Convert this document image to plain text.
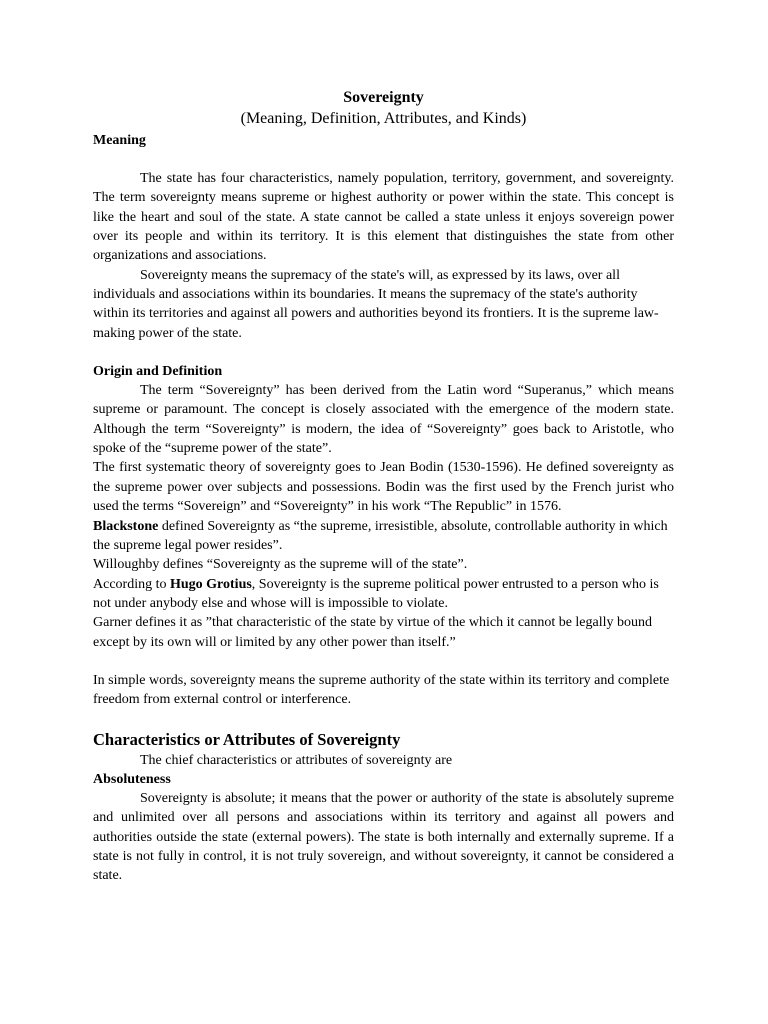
Sovereignty
(Meaning, Definition, Attributes, and Kinds)
Meaning

The state has four characteristics, namely population, territory, government, and sovereignty. The term sovereignty means supreme or highest authority or power within the state. This concept is like the heart and soul of the state. A state cannot be called a state unless it enjoys sovereign power over its people and within its territory. It is this element that distinguishes the state from other organizations and associations.

Sovereignty means the supremacy of the state's will, as expressed by its laws, over all individuals and associations within its boundaries. It means the supremacy of the state's authority within its territories and against all powers and authorities beyond its frontiers. It is the supreme law-making power of the state.

Origin and Definition

The term “Sovereignty” has been derived from the Latin word “Superanus,” which means supreme or paramount. The concept is closely associated with the emergence of the modern state. Although the term “Sovereignty” is modern, the idea of “Sovereignty” goes back to Aristotle, who spoke of the “supreme power of the state”.

The first systematic theory of sovereignty goes to Jean Bodin (1530-1596). He defined sovereignty as the supreme power over subjects and possessions. Bodin was the first used by the French jurist who used the terms “Sovereign” and “Sovereignty” in his work “The Republic” in 1576.

Blackstone defined Sovereignty as “the supreme, irresistible, absolute, controllable authority in which the supreme legal power resides”.

Willoughby defines “Sovereignty as the supreme will of the state”.

According to Hugo Grotius, Sovereignty is the supreme political power entrusted to a person who is not under anybody else and whose will is impossible to violate.

Garner defines it as ”that characteristic of the state by virtue of the which it cannot be legally bound except by its own will or limited by any other power than itself.”

In simple words, sovereignty means the supreme authority of the state within its territory and complete freedom from external control or interference.

Characteristics or Attributes of Sovereignty

The chief characteristics or attributes of sovereignty are

Absoluteness

Sovereignty is absolute; it means that the power or authority of the state is absolutely supreme and unlimited over all persons and associations within its territory and against all powers and authorities outside the state (external powers). The state is both internally and externally supreme. If a state is not fully in control, it is not truly sovereign, and without sovereignty, it cannot be considered a state.
